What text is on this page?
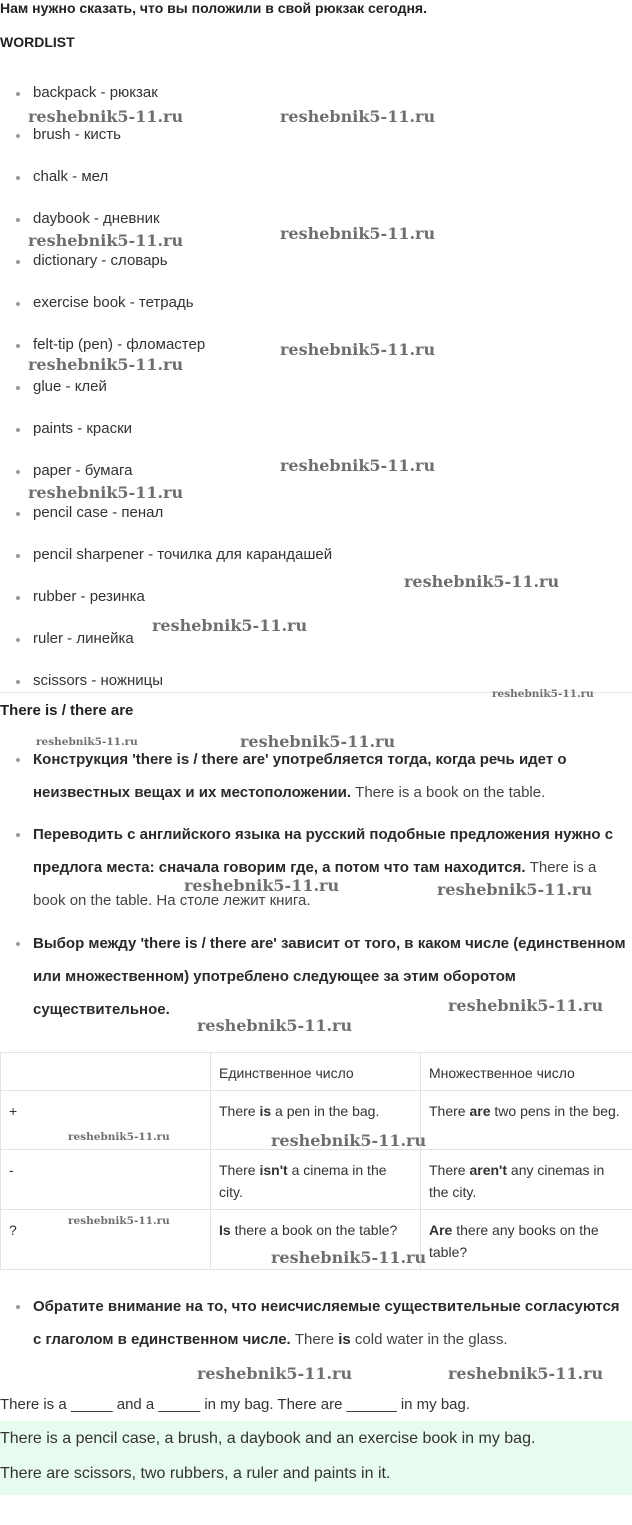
Нам нужно сказать, что вы положили в свой рюкзак сегодня.
WORDLIST
backpack - рюкзак
brush - кисть
chalk - мел
daybook - дневник
dictionary - словарь
exercise book - тетрадь
felt-tip (pen) - фломастер
glue - клей
paints - краски
paper - бумага
pencil case - пенал
pencil sharpener - точилка для карандашей
rubber - резинка
ruler - линейка
scissors - ножницы
There is / there are
Конструкция 'there is / there are' употребляется тогда, когда речь идет о неизвестных вещах и их местоположении. There is a book on the table.
Переводить с английского языка на русский подобные предложения нужно с предлога места: сначала говорим где, а потом что там находится. There is a book on the table. На столе лежит книга.
Выбор между 'there is / there are' зависит от того, в каком числе (единственном или множественном) употреблено следующее за этим оборотом существительное.
	Единственное число	Множественное число
+	There is a pen in the bag.	There are two pens in the beg.
-	There isn't a cinema in the city.	There aren't any cinemas in the city.
?	Is there a book on the table?	Are there any books on the table?
Обратите внимание на то, что неисчисляемые существительные согласуются с глаголом в единственном числе. There is cold water in the glass.
There is a _____ and a _____ in my bag. There are ______ in my bag.
There is a pencil case, a brush, a daybook and an exercise book in my bag.
There are scissors, two rubbers, a ruler and paints in it.
reshebnik5-11.ru	reshebnik5-11.ru
reshebnik5-11.ru	reshebnik5-11.ru
reshebnik5-11.ru
reshebnik5-11.ru
reshebnik5-11.ru
reshebnik5-11.ru
reshebnik5-11.ru
reshebnik5-11.ru
reshebnik5-11.ru
reshebnik5-11.ru	reshebnik5-11.ru
reshebnik5-11.ru	reshebnik5-11.ru
reshebnik5-11.ru
reshebnik5-11.ru
reshebnik5-11.ru	reshebnik5-11.ru
reshebnik5-11.ru
reshebnik5-11.ru
reshebnik5-11.ru	reshebnik5-11.ru
